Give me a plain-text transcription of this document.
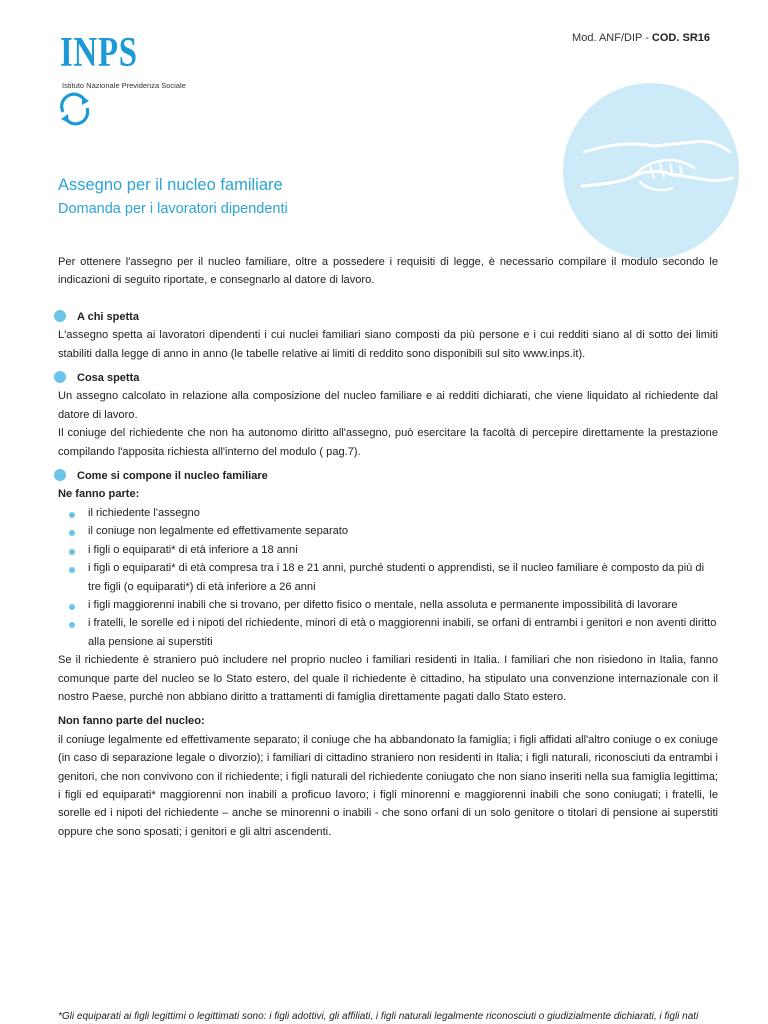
INPS
Istituto Nazionale Previdenza Sociale
Mod. ANF/DIP - COD. SR16
Assegno per il nucleo familiare
Domanda per i lavoratori dipendenti

Per ottenere l'assegno per il nucleo familiare, oltre a possedere i requisiti di legge, è necessario compilare il modulo secondo le indicazioni di seguito riportate, e consegnarlo al datore di lavoro.

A chi spetta

L'assegno spetta ai lavoratori dipendenti i cui nuclei familiari siano composti da più persone e i cui redditi siano al di sotto dei limiti stabiliti dalla legge di anno in anno (le tabelle relative ai limiti di reddito sono disponibili sul sito www.inps.it).

Cosa spetta

Un assegno calcolato in relazione alla composizione del nucleo familiare e ai redditi dichiarati, che viene liquidato al richiedente dal datore di lavoro.

Il coniuge del richiedente che non ha autonomo diritto all'assegno, può esercitare la facoltà di percepire direttamente la prestazione compilando l'apposita richiesta all'interno del modulo ( pag.7).

Come si compone il nucleo familiare

Ne fanno parte:

il richiedente l'assegno
il coniuge non legalmente ed effettivamente separato
i figli o equiparati* di età inferiore a 18 anni
i figli o equiparati* di età compresa tra i 18 e 21 anni, purché studenti o apprendisti, se il nucleo familiare è composto da più di tre figli (o equiparati*) di età inferiore a 26 anni
i figli maggiorenni inabili che si trovano, per difetto fisico o mentale, nella assoluta e permanente impossibilità di lavorare
i fratelli, le sorelle ed i nipoti del richiedente, minori di età o maggiorenni inabili, se orfani di entrambi i genitori e non aventi diritto alla pensione ai superstiti

Se il richiedente è straniero può includere nel proprio nucleo i familiari residenti in Italia. I familiari che non risiedono in Italia, fanno comunque parte del nucleo se lo Stato estero, del quale il richiedente è cittadino, ha stipulato una convenzione internazionale con il nostro Paese, purché non abbiano diritto a trattamenti di famiglia direttamente pagati dallo Stato estero.

Non fanno parte del nucleo:

il coniuge legalmente ed effettivamente separato; il coniuge che ha abbandonato la famiglia; i figli affidati all'altro coniuge o ex coniuge (in caso di separazione legale o divorzio); i familiari di cittadino straniero non residenti in Italia; i figli naturali, riconosciuti da entrambi i genitori, che non convivono con il richiedente; i figli naturali del richiedente coniugato che non siano inseriti nella sua famiglia legittima; i figli ed equiparati* maggiorenni non inabili a proficuo lavoro; i figli minorenni e maggiorenni inabili che sono coniugati; i fratelli, le sorelle ed i nipoti del richiedente – anche se minorenni o inabili - che sono orfani di un solo genitore o titolari di pensione ai superstiti oppure che sono sposati; i genitori e gli altri ascendenti.

*Gli equiparati ai figli legittimi o legittimati sono: i figli adottivi, gli affiliati, i figli naturali legalmente riconosciuti o giudizialmente dichiarati, i figli nati
